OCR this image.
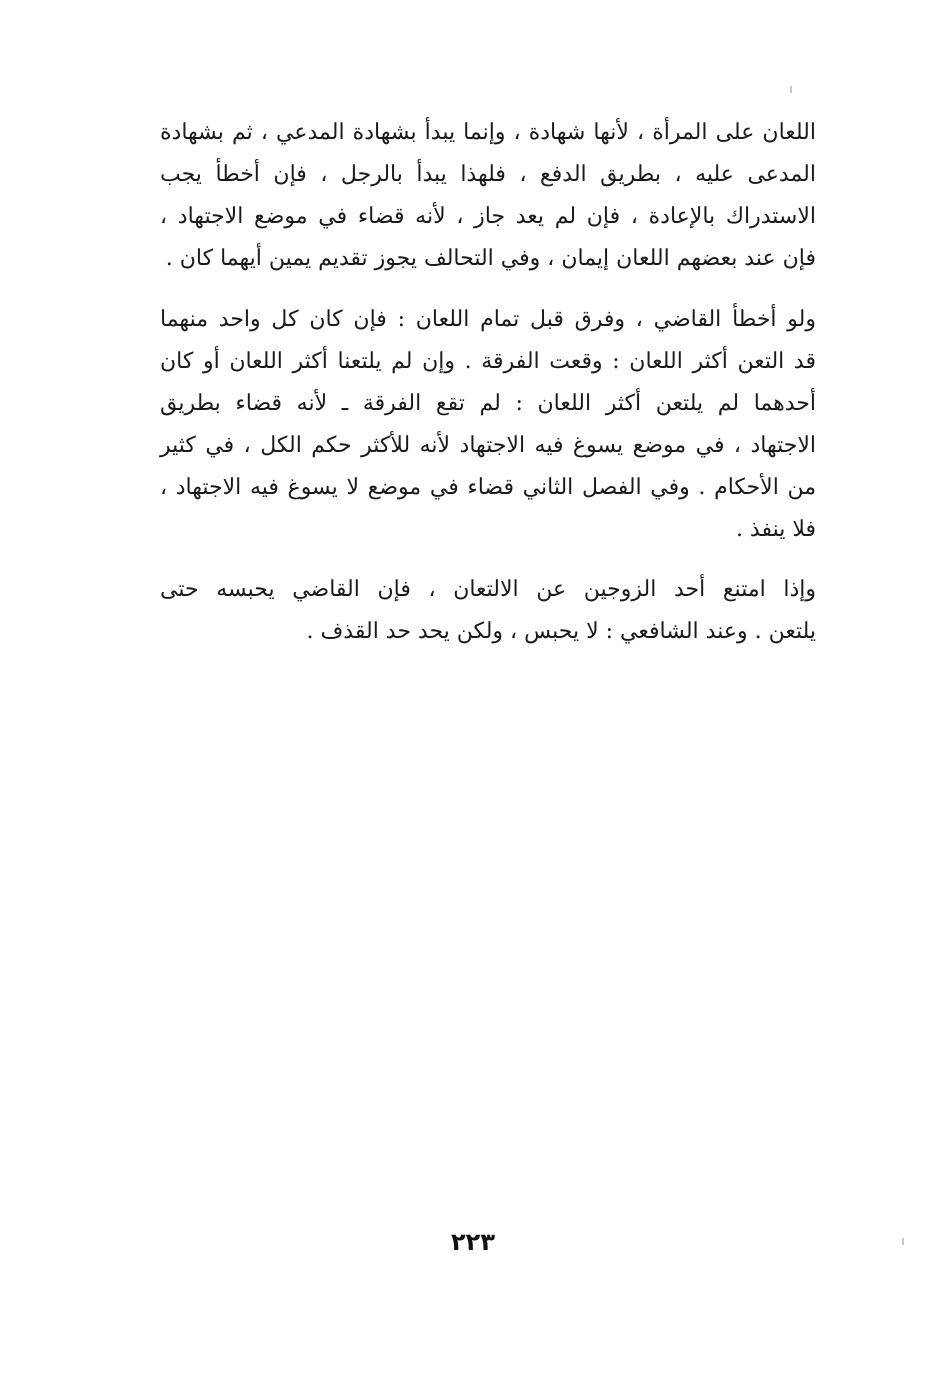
اللعان على المرأة ، لأنها شهادة ، وإنما يبدأ بشهادة المدعي ، ثم بشهادة
المدعى عليه ، بطريق الدفع ، فلهذا يبدأ بالرجل ، فإن أخطأ يجب
الاستدراك بالإعادة ، فإن لم يعد جاز ، لأنه قضاء في موضع الاجتهاد ،
فإن عند بعضهم اللعان إيمان ، وفي التحالف يجوز تقديم يمين أيهما كان .
ولو أخطأ القاضي ، وفرق قبل تمام اللعان : فإن كان كل واحد منهما
قد التعن أكثر اللعان : وقعت الفرقة . وإن لم يلتعنا أكثر اللعان أو كان
أحدهما لم يلتعن أكثر اللعان : لم تقع الفرقة ـ لأنه قضاء بطريق
الاجتهاد ، في موضع يسوغ فيه الاجتهاد لأنه للأكثر حكم الكل ، في كثير
من الأحكام . وفي الفصل الثاني قضاء في موضع لا يسوغ فيه الاجتهاد ،
فلا ينفذ .
وإذا امتنع أحد الزوجين عن الالتعان ، فإن القاضي يحبسه حتى
يلتعن . وعند الشافعي : لا يحبس ، ولكن يحد حد القذف .
٢٢٣
